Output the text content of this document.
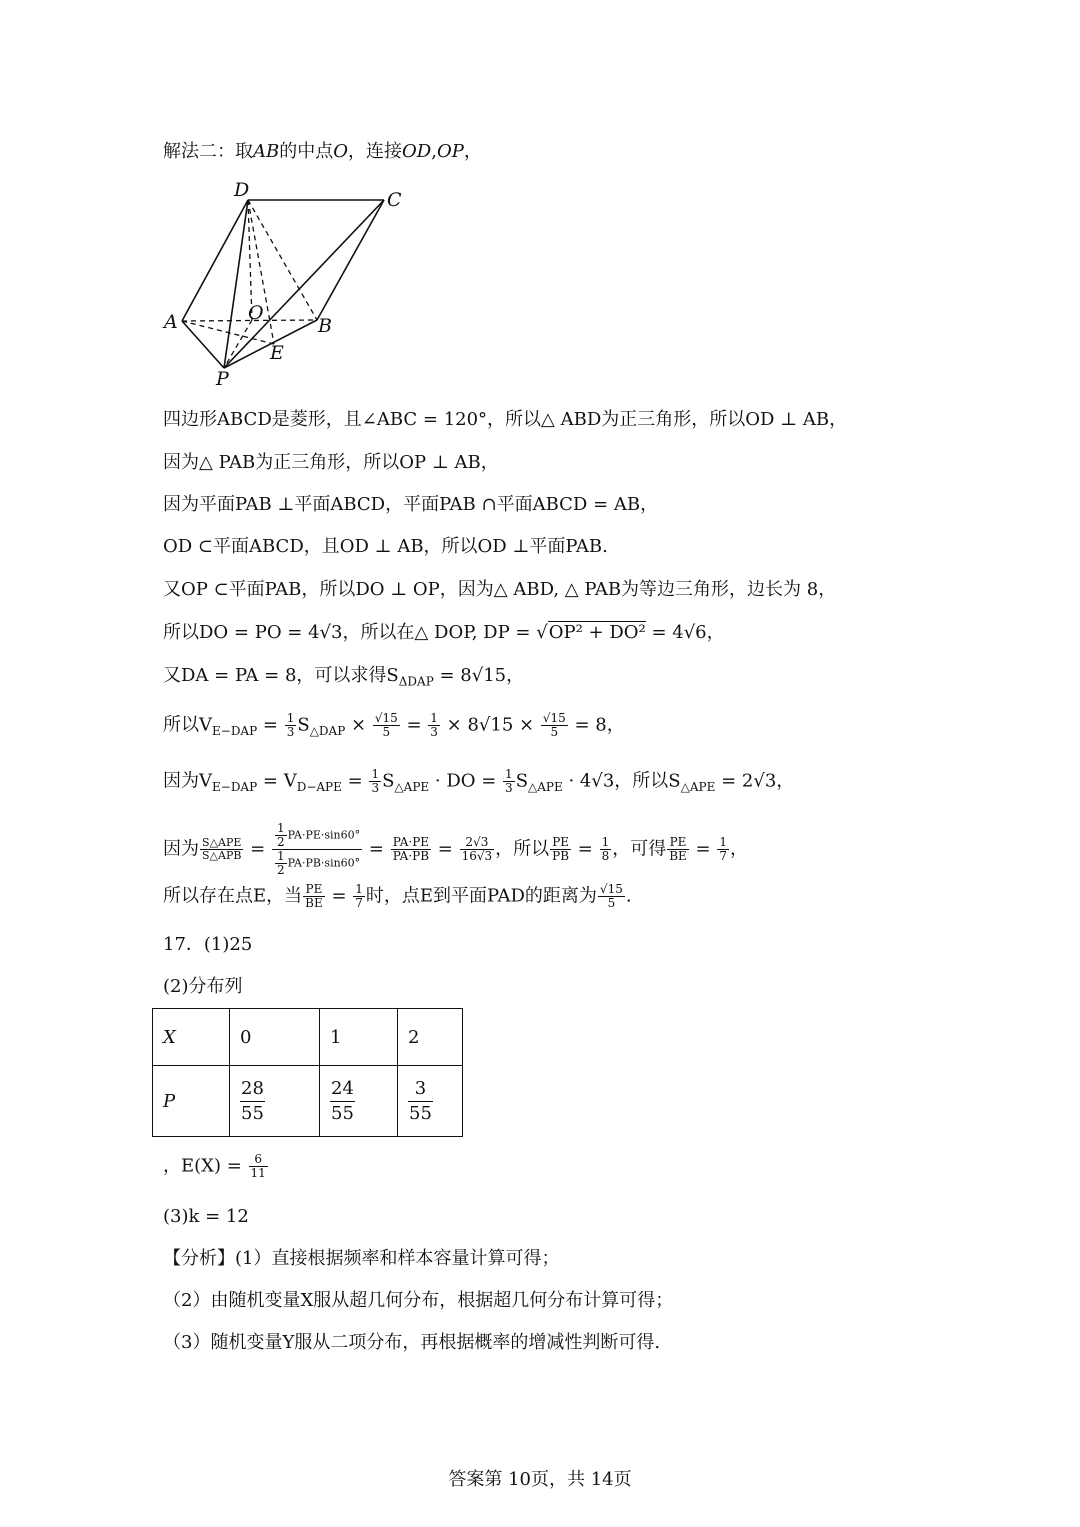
解法二：取AB的中点O，连接OD,OP，
D	C
A	O
B
E
P
四边形ABCD是菱形，且∠ABC = 120°，所以△ ABD为正三角形，所以OD ⊥ AB，
因为△ PAB为正三角形，所以OP ⊥ AB，
因为平面PAB ⊥平面ABCD，平面PAB ∩平面ABCD = AB，
OD ⊂平面ABCD，且OD ⊥ AB，所以OD ⊥平面PAB.
又OP ⊂平面PAB，所以DO ⊥ OP，因为△ ABD, △ PAB为等边三角形，边长为 8，
所以DO = PO = 4√3，所以在△ DOP, DP = √OP² + DO² = 4√6，
又DA = PA = 8，可以求得$S_{\Delta DAP} = 8√15$，
所以$V_{E-DAP} = \frac{1}{3} S_{\triangle DAP} \times \frac{√15}{5} = \frac{1}{3} \times 8√15 \times \frac{√15}{5} = 8$，
因为$V_{E-DAP} = V_{D-APE} = \frac{1}{3} S_{\triangle APE}$ · DO = $\frac{1}{3} S_{\triangle APE} \cdot 4√3$，所以$S_{\triangle APE} = 2√3$，
因为 $\frac{\text{S△APE}}{\text{S△APB}} = \frac{\frac{1}{2} PA\cdot PE\cdot\sin 60^\circ}{\frac{1}{2} PA\cdot PB\cdot\sin 60^\circ} = \frac{PA\cdot PE}{PA\cdot PB} = \frac{2√3}{16√3}$ ，所以 $\frac{PE}{PB} = \frac{1}{8}$ ，可得 $\frac{PE}{BE} = \frac{1}{7}$ ，
所以存在点E，当 $\frac{PE}{BE} = \frac{1}{7}$ 时，点E到平面PAD的距离为 $\frac{√15}{5}$ .
17．(1)25
(2)分布列
X	0	1	2
P	$\frac{28}{55}$	$\frac{24}{55}$	$\frac{3}{55}$
，$E(X) = \frac{6}{11}$
(3)k = 12
【分析】(1）直接根据频率和样本容量计算可得；
（2）由随机变量X服从超几何分布，根据超几何分布计算可得；
（3）随机变量Y服从二项分布，再根据概率的增减性判断可得.
答案第 10页，共 14页
